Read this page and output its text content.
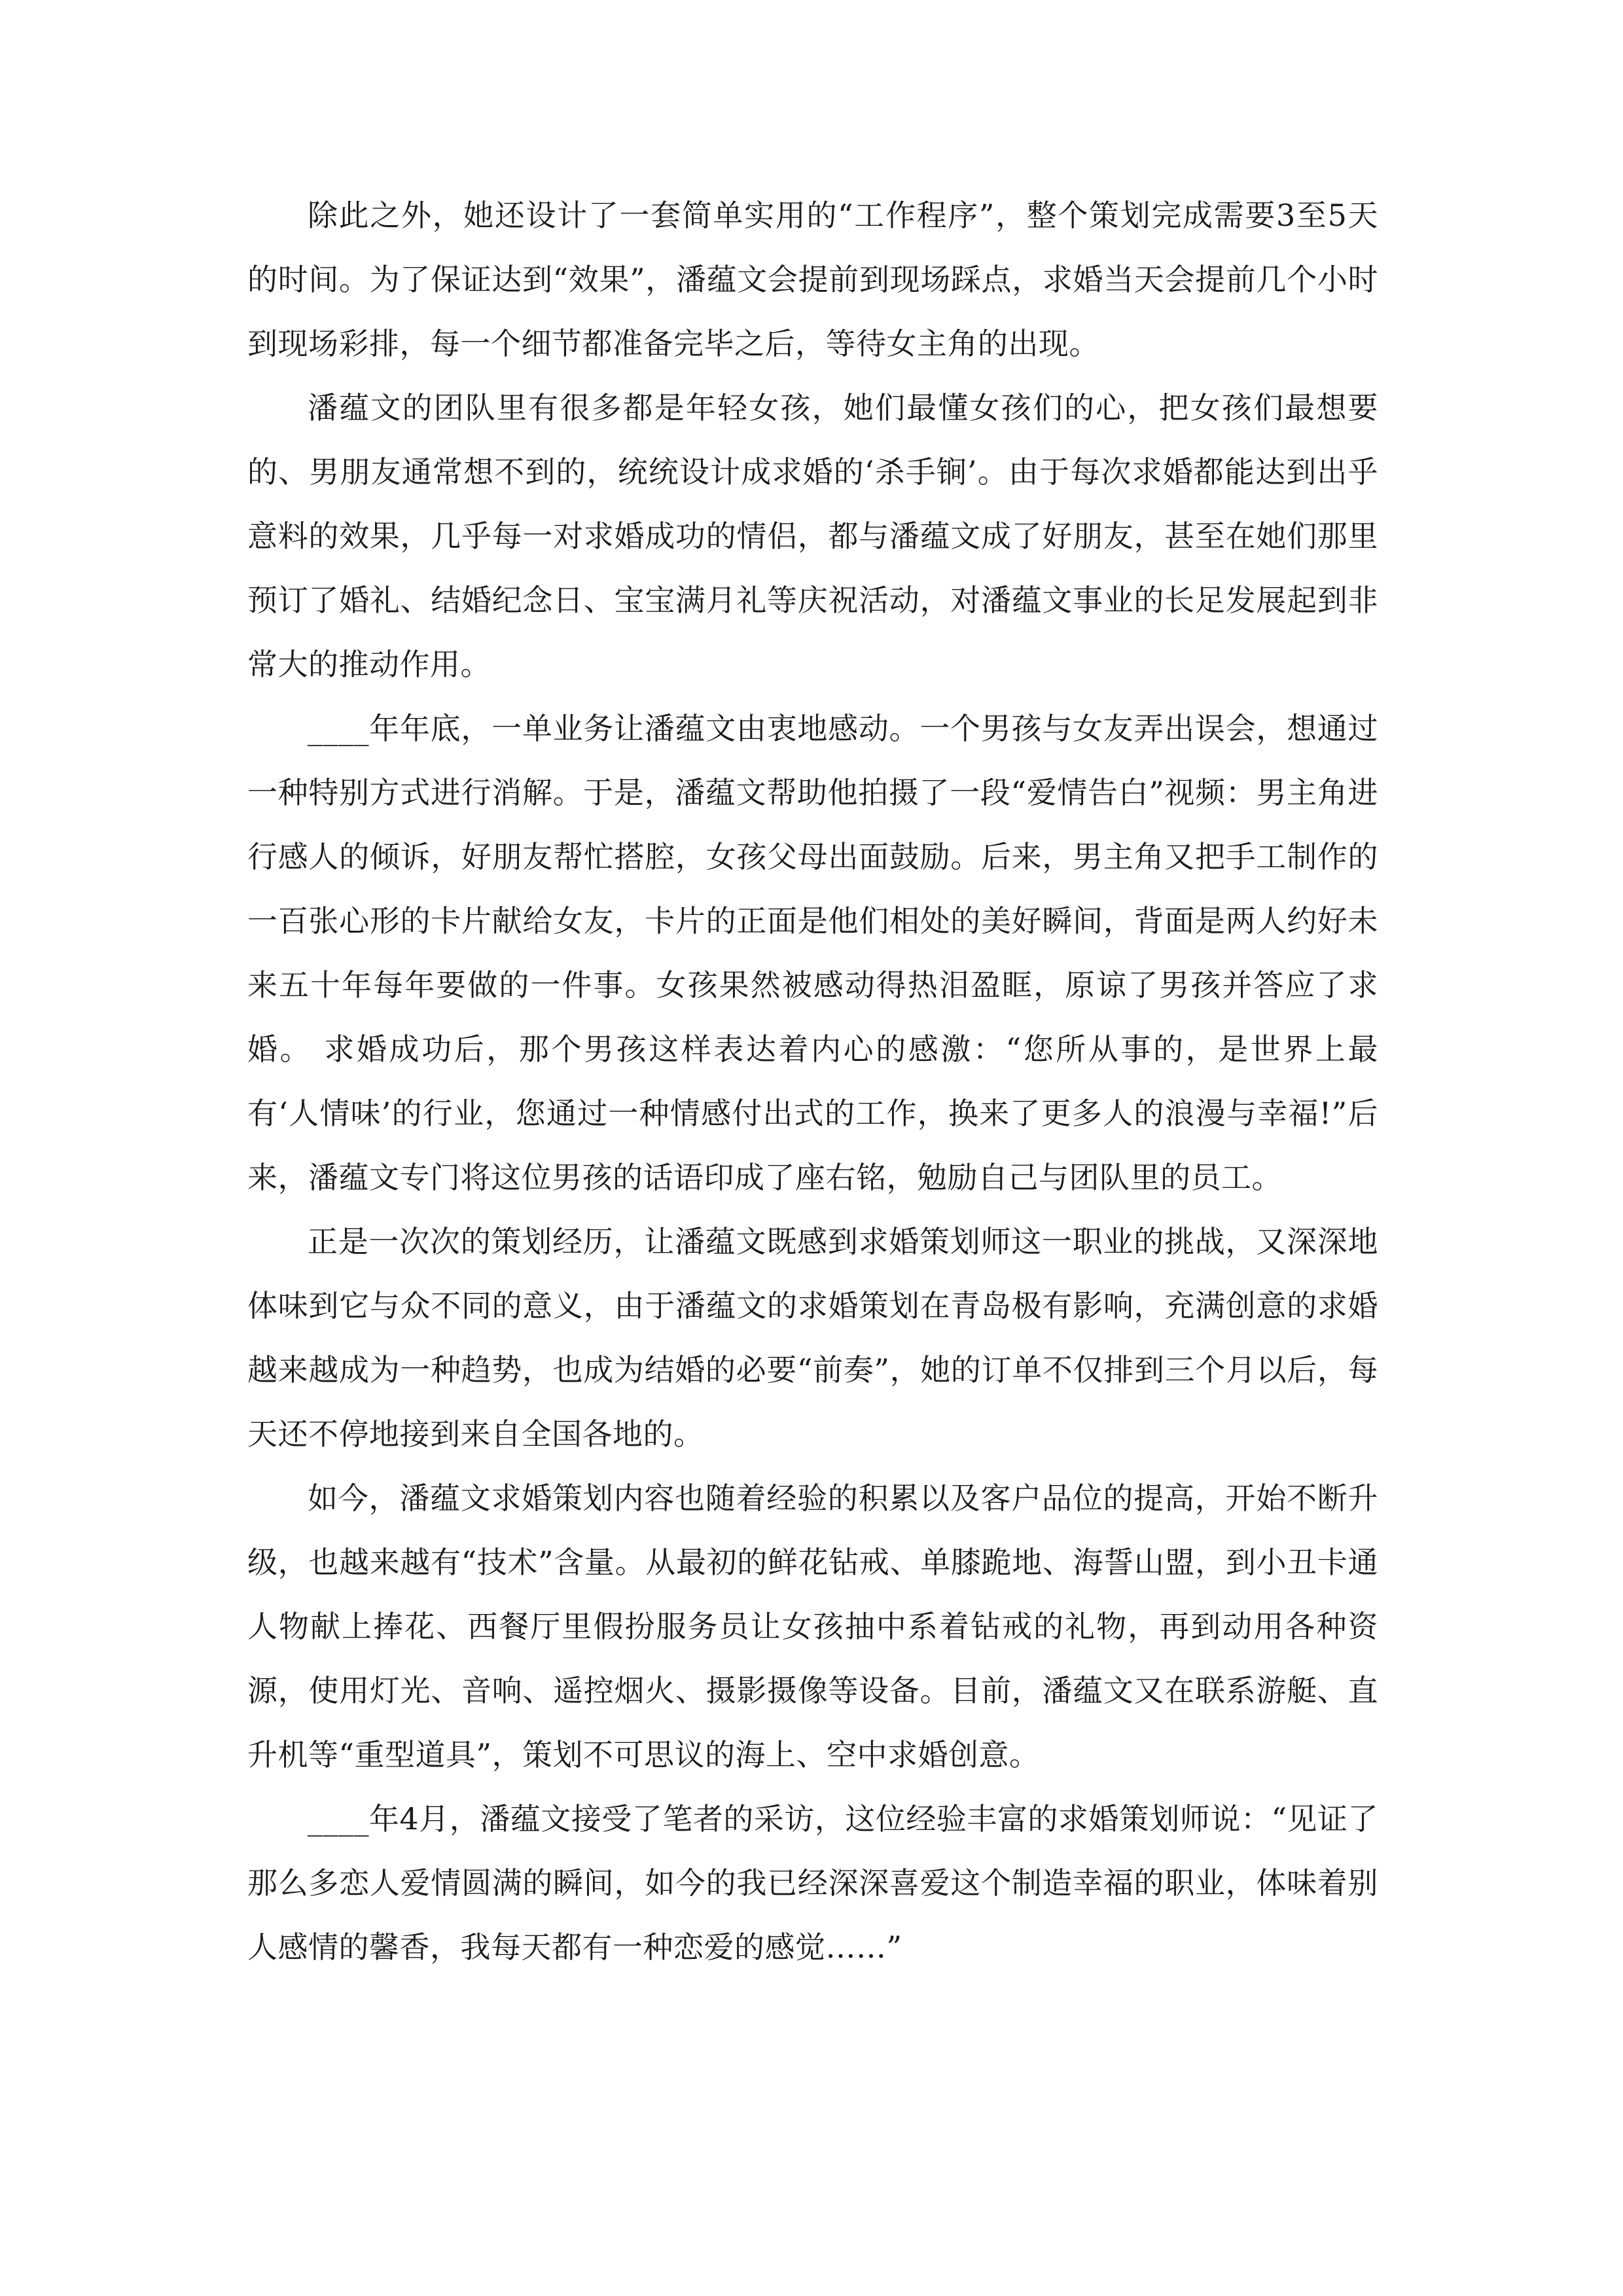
除此之外，她还设计了一套简单实用的“工作程序”，整个策划完成需要3至5天的时间。为了保证达到“效果”，潘蕴文会提前到现场踩点，求婚当天会提前几个小时到现场彩排，每一个细节都准备完毕之后，等待女主角的出现。

潘蕴文的团队里有很多都是年轻女孩，她们最懂女孩们的心，把女孩们最想要的、男朋友通常想不到的，统统设计成求婚的‘杀手锏’。由于每次求婚都能达到出乎意料的效果，几乎每一对求婚成功的情侣，都与潘蕴文成了好朋友，甚至在她们那里预订了婚礼、结婚纪念日、宝宝满月礼等庆祝活动，对潘蕴文事业的长足发展起到非常大的推动作用。

____年年底，一单业务让潘蕴文由衷地感动。一个男孩与女友弄出误会，想通过一种特别方式进行消解。于是，潘蕴文帮助他拍摄了一段“爱情告白”视频：男主角进行感人的倾诉，好朋友帮忙搭腔，女孩父母出面鼓励。后来，男主角又把手工制作的一百张心形的卡片献给女友，卡片的正面是他们相处的美好瞬间，背面是两人约好未来五十年每年要做的一件事。女孩果然被感动得热泪盈眶，原谅了男孩并答应了求婚。 求婚成功后，那个男孩这样表达着内心的感激：“您所从事的，是世界上最有‘人情味’的行业，您通过一种情感付出式的工作，换来了更多人的浪漫与幸福!”后来，潘蕴文专门将这位男孩的话语印成了座右铭，勉励自己与团队里的员工。

正是一次次的策划经历，让潘蕴文既感到求婚策划师这一职业的挑战，又深深地体味到它与众不同的意义，由于潘蕴文的求婚策划在青岛极有影响，充满创意的求婚越来越成为一种趋势，也成为结婚的必要“前奏”，她的订单不仅排到三个月以后，每天还不停地接到来自全国各地的。

如今，潘蕴文求婚策划内容也随着经验的积累以及客户品位的提高，开始不断升级，也越来越有“技术”含量。从最初的鲜花钻戒、单膝跪地、海誓山盟，到小丑卡通人物献上捧花、西餐厅里假扮服务员让女孩抽中系着钻戒的礼物，再到动用各种资源，使用灯光、音响、遥控烟火、摄影摄像等设备。目前，潘蕴文又在联系游艇、直升机等“重型道具”，策划不可思议的海上、空中求婚创意。

____年4月，潘蕴文接受了笔者的采访，这位经验丰富的求婚策划师说：“见证了那么多恋人爱情圆满的瞬间，如今的我已经深深喜爱这个制造幸福的职业，体味着别人感情的馨香，我每天都有一种恋爱的感觉……”
